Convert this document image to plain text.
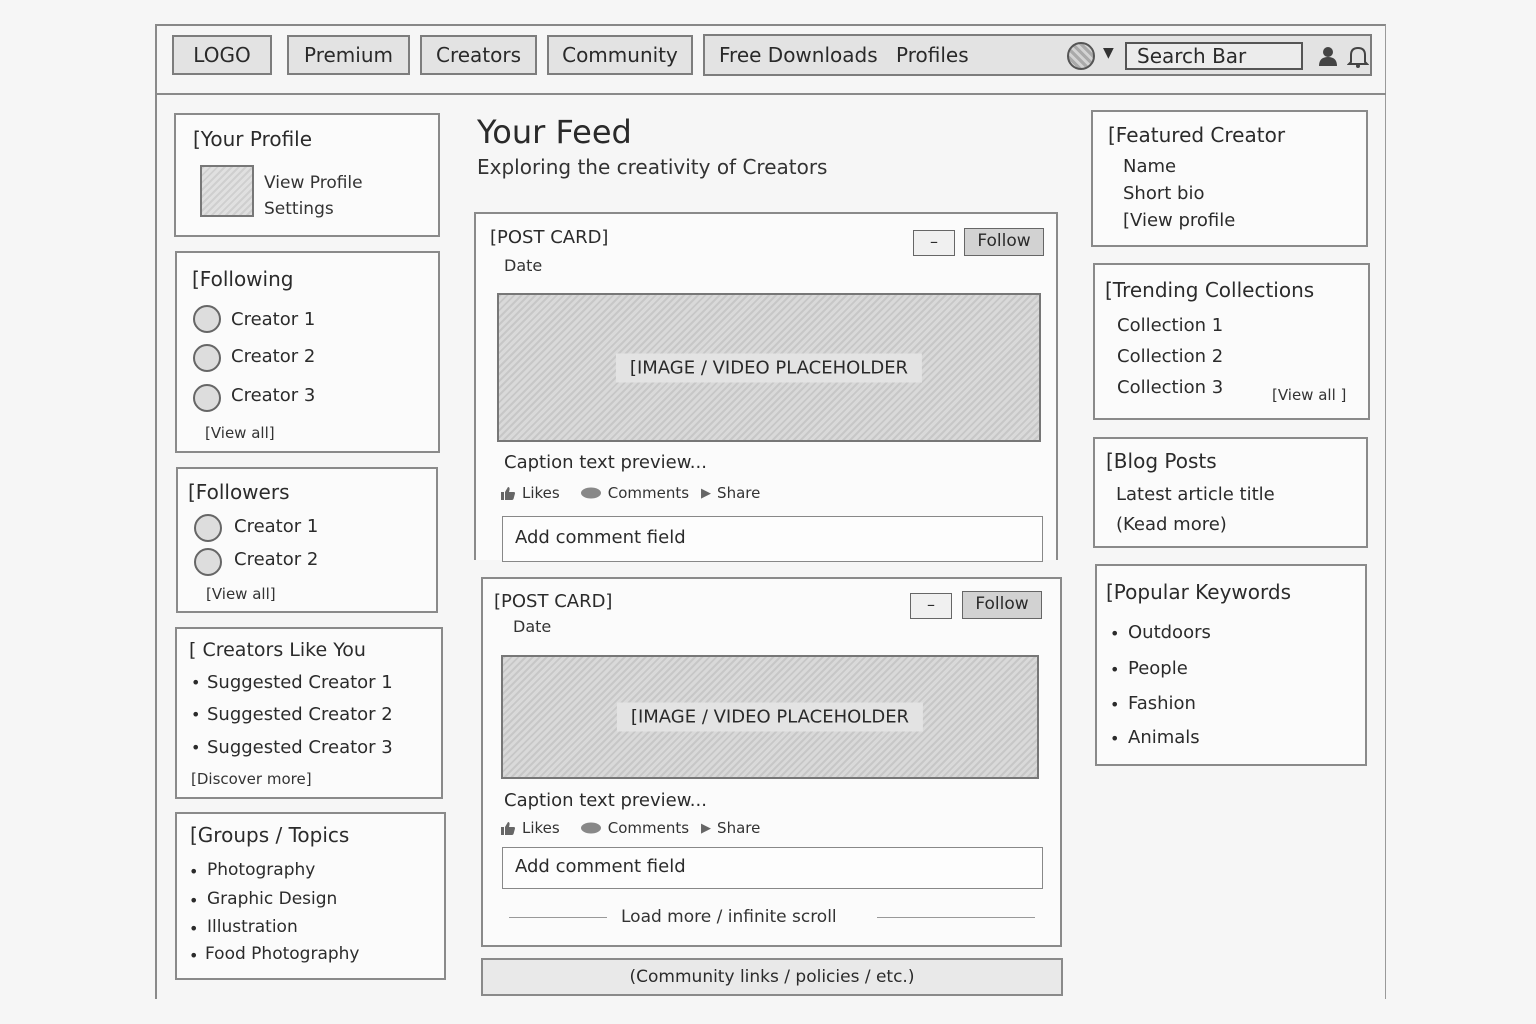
LOGO	Premium	Creators	Community	Free Downloads Profiles	▼	Search Bar
[Your Profile
View Profile
Settings
[Following
Creator 1
Creator 2
Creator 3
[View all]
[Followers
Creator 1
Creator 2
[View all]
[ Creators Like You
• Suggested Creator 1
• Suggested Creator 2
• Suggested Creator 3
[Discover more]
[Groups / Topics
• Photography
• Graphic Design
• Illustration
• Food Photography
Your Feed
Exploring the creativity of Creators
[POST CARD]
Date
–	Follow
[IMAGE / VIDEO PLACEHOLDER
Caption text preview...
Likes	Comments ▶ Share
Add comment field
[POST CARD]
Date
–	Follow
[IMAGE / VIDEO PLACEHOLDER
Caption text preview...
Likes	Comments ▶ Share
Add comment field
Load more / infinite scroll
(Community links / policies / etc.)
[Featured Creator
Name
Short bio
[View profile
[Trending Collections
Collection 1
Collection 2
Collection 3	[View all ]
[Blog Posts
Latest article title
(Kead more)
[Popular Keywords
• Outdoors
• People
• Fashion
• Animals
